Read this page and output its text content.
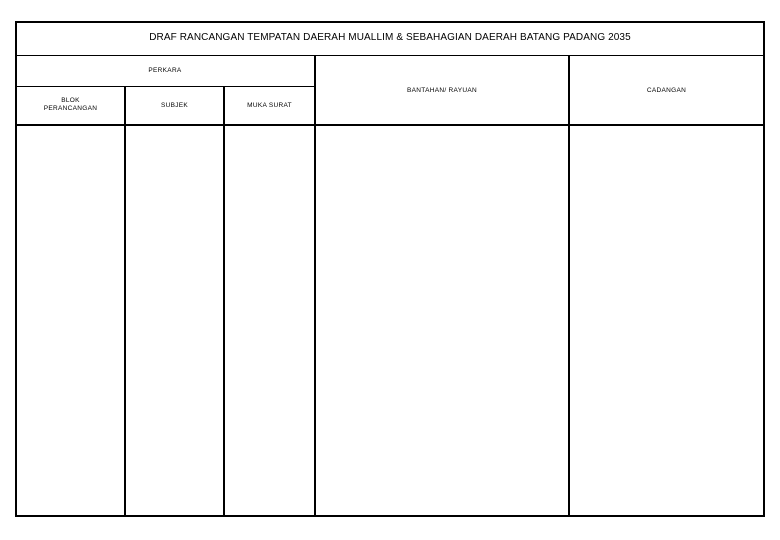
DRAF RANCANGAN TEMPATAN DAERAH MUALLIM & SEBAHAGIAN DAERAH BATANG PADANG 2035
PERKARA
BLOK
PERANCANGAN	SUBJEK	MUKA SURAT
BANTAHAN/ RAYUAN	CADANGAN
